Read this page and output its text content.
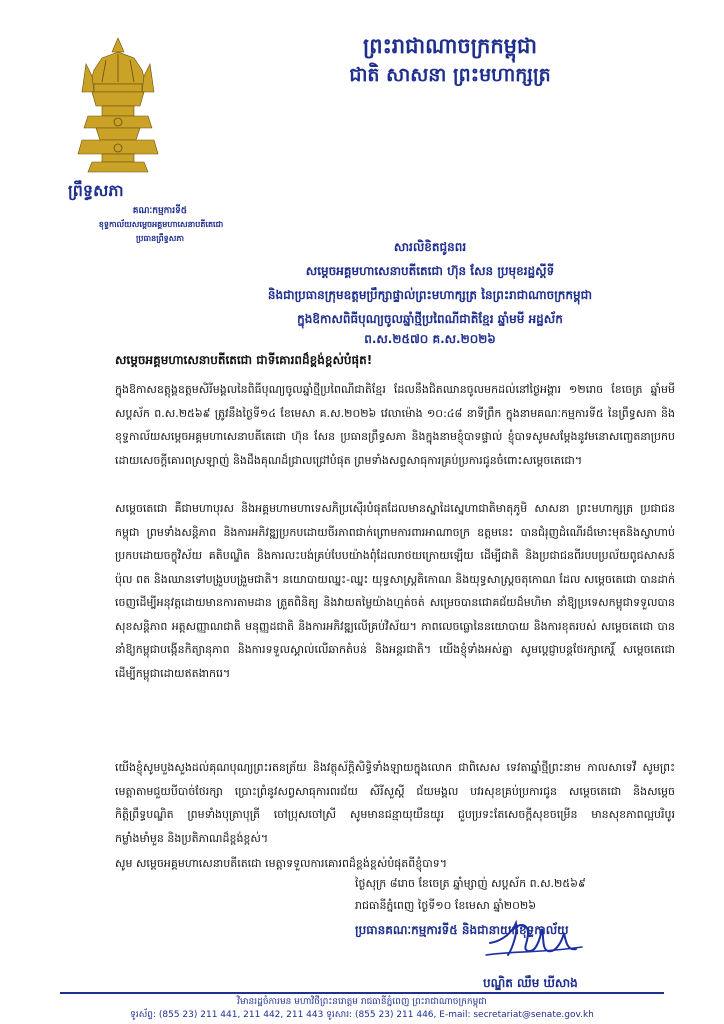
ព្រះរាជាណាចក្រកម្ពុជា
ជាតិ សាសនា ព្រះមហាក្សត្រ
ព្រឹទ្ធសភា
គណៈកម្មការទី៥
ខុទ្ទកាល័យសម្ដេចអគ្គមហាសេនាបតីតេជោ
ប្រធានព្រឹទ្ធសភា
សារលិខិតជូនពរ
សម្ដេចអគ្គមហាសេនាបតីតេជោ ហ៊ុន សែន ប្រមុខរដ្ឋស្ដីទី
និងជាប្រធានក្រុមឧត្តមប្រឹក្សាផ្ទាល់ព្រះមហាក្សត្រ នៃព្រះរាជាណាចក្រកម្ពុជា
ក្នុងឱកាសពិធីបុណ្យចូលឆ្នាំថ្មីប្រពៃណីជាតិខ្មែរ ឆ្នាំមមី អដ្ឋស័ក
ព.ស.២៥៧០ គ.ស.២០២៦
សម្ដេចអគ្គមហាសេនាបតីតេជោ ជាទីគោរពដ៏ខ្ពង់ខ្ពស់បំផុត!
ក្នុងឱកាសឧត្តុង្គឧត្តមសិរីមង្គលនៃពិធីបុណ្យចូលឆ្នាំថ្មីប្រពៃណីជាតិខ្មែរ ដែលនឹងជិតឈានចូលមកដល់នៅថ្ងៃអង្គារ ១២រោច ខែចេត្រ ឆ្នាំមមី សប្តស័ក ព.ស.២៥៦៩ ត្រូវនឹងថ្ងៃទី១៤ ខែមេសា គ.ស.២០២៦ វេលាម៉ោង ១០:៤៨ នាទីព្រឹក ក្នុងនាមគណៈកម្មការទី៥ នៃព្រឹទ្ធសភា និងខុទ្ទកាល័យសម្ដេចអគ្គមហាសេនាបតីតេជោ ហ៊ុន សែន ប្រធានព្រឹទ្ធសភា និងក្នុងនាមខ្ញុំបាទផ្ទាល់ ខ្ញុំបាទសូមសម្ដែងនូវមនោសញ្ចេតនាប្រកបដោយសេចក្តីគោរពស្រឡាញ់ និងដឹងគុណដ៏ជ្រាលជ្រៅបំផុត ព្រមទាំងសព្ទសាធុការគ្រប់ប្រការជូនចំពោះសម្ដេចតេជោ។
សម្ដេចតេជោ គឺជាមហាបុរស និងអគ្គមហាមហាទេសភិប្រស៊ើរបំផុតដែលមានស្នាដៃស្នេហាជាតិមាតុភូមិ សាសនា ព្រះមហាក្សត្រ ប្រជាជនកម្ពុជា ព្រមទាំងសន្តិភាព និងការអភិវឌ្ឍប្រកបដោយចីរភាពជាក់ព្រោមការពារអាណាចក្រ ឧត្តមនេះ បានជំរុញដំណើរដ៏មោះមុតនិងស្វាហាប់ប្រកបដោយចក្ខុវិស័យ គតិបណ្ឌិត និងការលះបង់គ្រប់បែបយ៉ាងពុំដែលរាថយក្រោយឡើយ ដើម្បីជាតិ និងប្រជាជនពីរបបប្រល័យពូជសាសន៍ ប៉ុល ពត និងឈានទៅបង្រួបបង្រួមជាតិ។ នយោបាយឈ្នះ-ឈ្នះ យុទ្ធសាស្ត្រតិកោណ និងយុទ្ធសាស្ត្រចតុកោណ ដែល សម្ដេចតេជោ បានដាក់ចេញដើម្បីអនុវត្តដោយមានការតាមដាន ត្រួតពិនិត្យ និងវាយតម្លៃយ៉ាងហ្មត់ចត់ សម្រេចបានជោគជ័យដ៏មហិមា នាំឱ្យប្រទេសកម្ពុជាទទួលបានសុខសន្តិភាព អត្តសញ្ញាណជាតិ មនុញ្ញដជាតិ និងការអភិវឌ្ឍលើគ្រប់វិស័យ។ ភាពលេចធ្លោនៃនយោបាយ និងការខុតរបស់ សម្ដេចតេជោ បាននាំឱ្យកម្ពុជាបង្កើនកិត្យានុភាព និងការទទួលស្គាល់លើឆាកតំបន់ និងអន្តរជាតិ។ យើងខ្ញុំទាំងអស់គ្នា សូមប្តេជ្ញាបន្តថែរក្សាកេរ្តិ៍ សម្ដេចតេជោ ដើម្បីកម្ពុជាដោយឥតងាករេ។
យើងខ្ញុំសូមបួងសួងដល់គុណបុណ្យព្រះរតនត្រ័យ និងវត្ថុស័ក្តិសិទ្ធិទាំងឡាយក្នុងលោក ជាពិសេស ទេវតាឆ្នាំថ្មីព្រះនាម កាលសាទេវី សូមព្រះមេត្តាតាមជួយបីបាច់ថែរក្សា ប្រោះព្រំនូវសព្វសាធុការពរជ័យ សិរីសួស្តី ជ័យមង្គល បវរសុខគ្រប់ប្រការជូន សម្ដេចតេជោ និងសម្ដេចកិត្តិព្រឹទ្ធបណ្ឌិត ព្រមទាំងបុត្រាបុត្រី ចៅប្រុសចៅស្រី សូមមានជន្មាយុយឺនយូរ ជួបប្រទះតែសេចក្តីសុខចម្រើន មានសុខភាពល្អបរិបូរ កម្លាំងមាំមួន និងប្រតិភាណដ៏ខ្ពង់ខ្ពស់។
សូម សម្ដេចអគ្គមហាសេនាបតីតេជោ មេត្តាទទួលការគោរពដ៏ខ្ពង់ខ្ពស់បំផុតពីខ្ញុំបាទ។
ថ្ងៃសុក្រ ៨រោច ខែចេត្រ ឆ្នាំម្សាញ់ សប្តស័ក ព.ស.២៥៦៩
រាជធានីភ្នំពេញ ថ្ងៃទី១០ ខែមេសា ឆ្នាំ២០២៦
ប្រធានគណៈកម្មការទី៥ និងជានាយកខុទ្ទកាល័យ
បណ្ឌិត ឈឹម ឃីសាង
វិមានរដ្ឋចំការមន មហាវិថីព្រះនរោត្តម រាជធានីភ្នំពេញ ព្រះរាជាណាចក្រកម្ពុជា
ទូរស័ព្ទ: (855 23) 211 441, 211 442, 211 443 ទូរសារ: (855 23) 211 446, E-mail: secretariat@senate.gov.kh
